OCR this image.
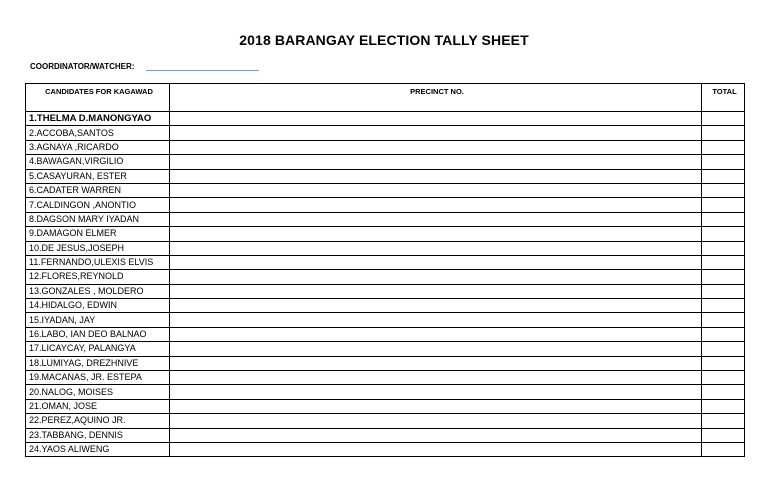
2018 BARANGAY ELECTION TALLY SHEET
COORDINATOR/WATCHER:
CANDIDATES FOR KAGAWAD	PRECINCT NO.	TOTAL
1.THELMA D.MANONGYAO		
2.ACCOBA,SANTOS		
3.AGNAYA ,RICARDO		
4.BAWAGAN,VIRGILIO		
5.CASAYURAN, ESTER		
6.CADATER WARREN		
7.CALDINGON ,ANONTIO		
8.DAGSON MARY IYADAN		
9.DAMAGON ELMER		
10.DE JESUS,JOSEPH		
11.FERNANDO,ULEXIS ELVIS		
12.FLORES,REYNOLD		
13.GONZALES , MOLDERO		
14.HIDALGO, EDWIN		
15.IYADAN, JAY		
16.LABO, IAN DEO BALNAO		
17.LICAYCAY, PALANGYA		
18.LUMIYAG, DREZHNIVE		
19.MACANAS, JR. ESTEPA		
20.NALOG, MOISES		
21.OMAN, JOSE		
22.PEREZ,AQUINO JR.		
23.TABBANG, DENNIS		
24.YAOS ALIWENG		
